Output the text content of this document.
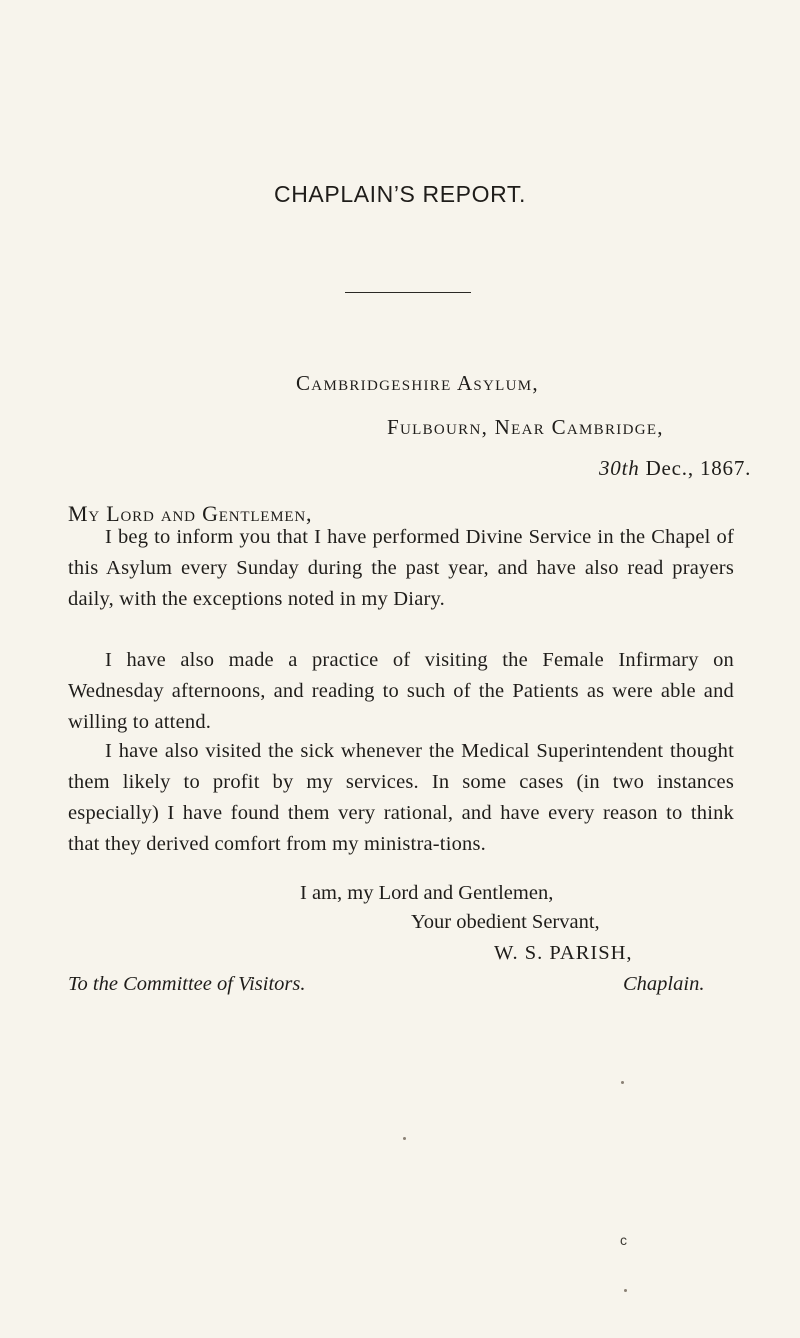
CHAPLAIN’S REPORT.
Cambridgeshire Asylum,
Fulbourn, Near Cambridge,
30th Dec., 1867.
My Lord and Gentlemen,

I beg to inform you that I have performed Divine Service in the Chapel of this Asylum every Sunday during the past year, and have also read prayers daily, with the exceptions noted in my Diary.

I have also made a practice of visiting the Female Infirmary on Wednesday afternoons, and reading to such of the Patients as were able and willing to attend.

I have also visited the sick whenever the Medical Superintendent thought them likely to profit by my services. In some cases (in two instances especially) I have found them very rational, and have every reason to think that they derived comfort from my ministra-tions.

I am, my Lord and Gentlemen,
Your obedient Servant,
W. S. PARISH,
To the Committee of Visitors.	Chaplain.
c
